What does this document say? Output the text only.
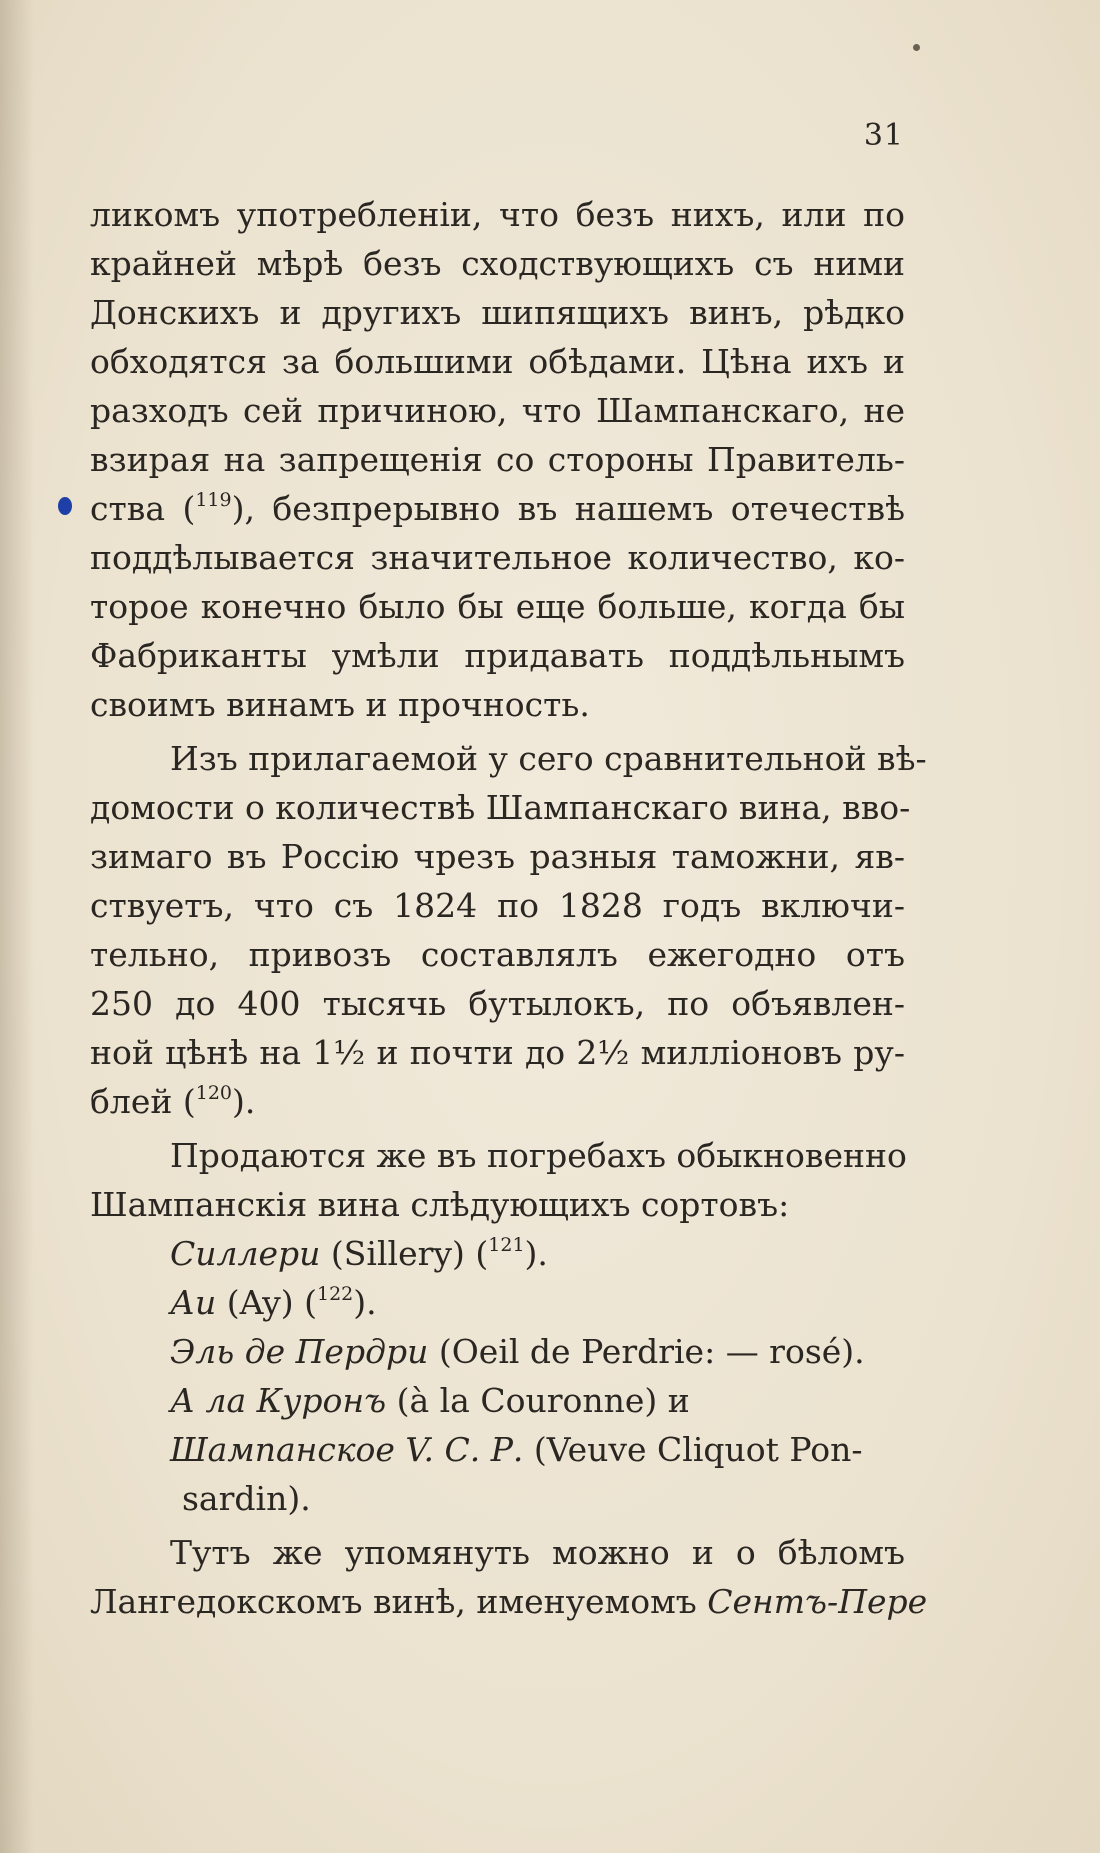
31
ликомъ употребленіи, что безъ нихъ, или по
крайней мѣрѣ безъ сходствующихъ съ ними
Донскихъ и другихъ шипящихъ винъ, рѣдко
обходятся за большими обѣдами. Цѣна ихъ и
разходъ сей причиною, что Шампанскаго, не
взирая на запрещенія со стороны Правитель-
ства ($^{119}$), безпрерывно въ нашемъ отечествѣ
поддѣлывается значительное количество, ко-
торое конечно было бы еще больше, когда бы
Фабриканты умѣли придавать поддѣльнымъ
своимъ винамъ и прочность.
Изъ прилагаемой у сего сравнительной вѣ-
домости о количествѣ Шампанскаго вина, вво-
зимаго въ Россію чрезъ разныя таможни, яв-
ствуетъ, что съ 1824 по 1828 годъ включи-
тельно, привозъ составлялъ ежегодно отъ
250 до 400 тысячь бутылокъ, по объявлен-
ной цѣнѣ на 1½ и почти до 2½ милліоновъ ру-
блей ($^{120}$).
Продаются же въ погребахъ обыкновенно
Шампанскія вина слѣдующихъ сортовъ:
Силлери (Sillery) ($^{121}$).
Аи (Ay) ($^{122}$).
Эль де Пердри (Oeil de Perdrie: — rosé).
А ла Куронъ (à la Couronne) и
Шампанское V. С. Р. (Veuve Cliquot Pon-
sardin).
Тутъ же упомянуть можно и о бѣломъ
Лангедокскомъ винѣ, именуемомъ Сентъ-Пере
